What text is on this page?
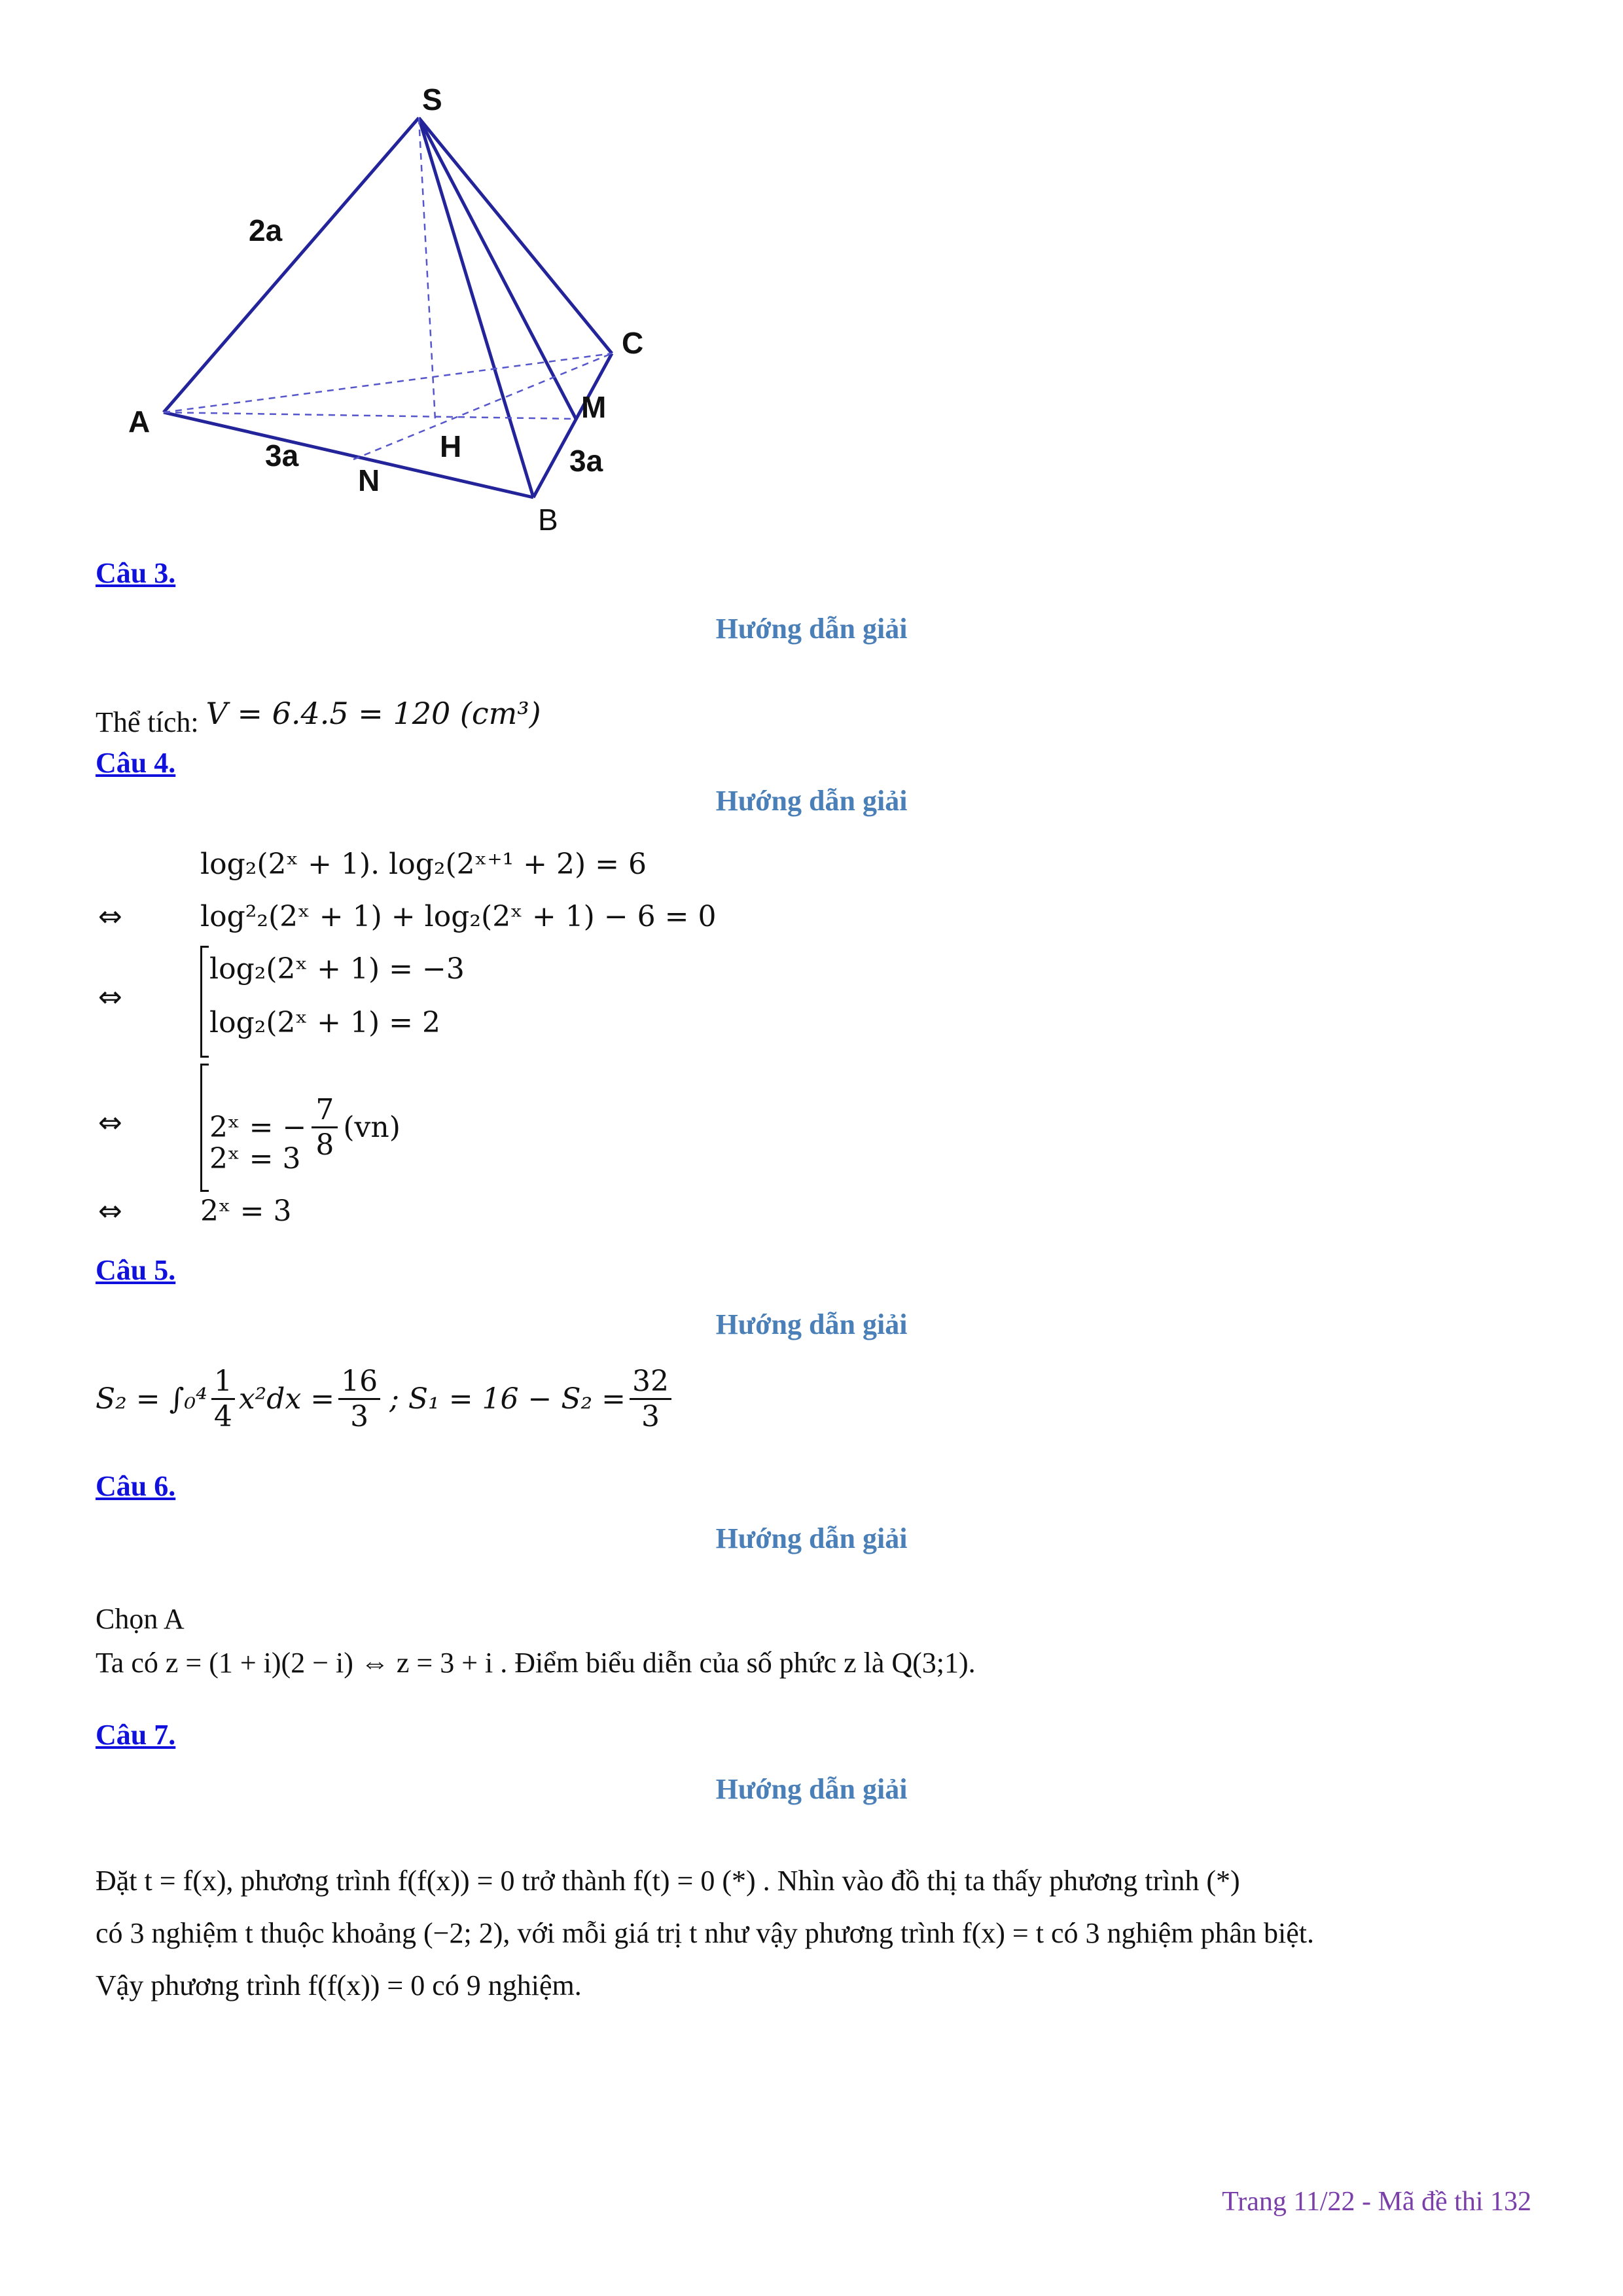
S
A
C
M
H
N
B
2a
3a	3a
Câu 3.
Hướng dẫn giải
Thể tích: V = 6.4.5 = 120 (cm³)
Câu 4.
Hướng dẫn giải
log₂(2ˣ + 1). log₂(2ˣ⁺¹ + 2) = 6
⇔	log²₂(2ˣ + 1) + log₂(2ˣ + 1) − 6 = 0
⇔
log₂(2ˣ + 1) = −3
log₂(2ˣ + 1) = 2
⇔	2ˣ = − $\frac{7}{8} (vn)$
2ˣ = 3
⇔	2ˣ = 3
Câu 5.
Hướng dẫn giải
$S_2 = \int_0^4 \frac{1}{4} x^2dx = \frac{16}{3}$ ; $S_1 = 16 - S_2 = \frac{32}{3}$
Câu 6.
Hướng dẫn giải
Chọn A
Ta có z = (1 + i)(2 − i) ⇔ z = 3 + i . Điểm biểu diễn của số phức z là Q(3;1).
Câu 7.
Hướng dẫn giải
Đặt t = f(x), phương trình f(f(x)) = 0 trở thành f(t) = 0 (*) . Nhìn vào đồ thị ta thấy phương trình (*)
có 3 nghiệm t thuộc khoảng (−2; 2), với mỗi giá trị t như vậy phương trình f(x) = t có 3 nghiệm phân biệt.
Vậy phương trình f(f(x)) = 0 có 9 nghiệm.
Trang 11/22 - Mã đề thi 132
